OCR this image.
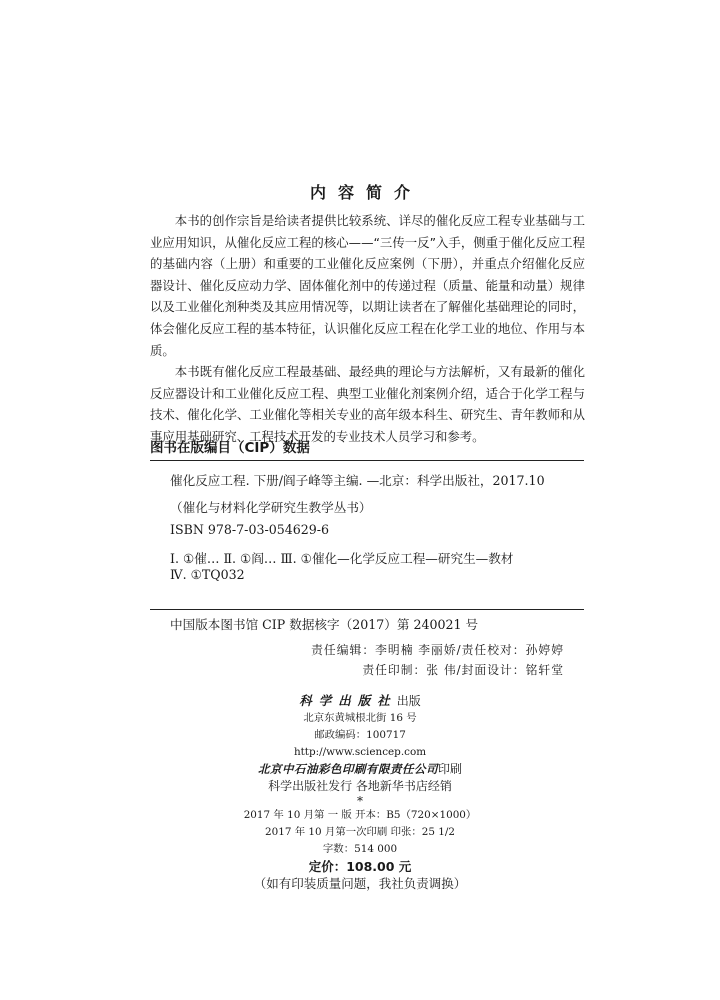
内容简介

本书的创作宗旨是给读者提供比较系统、详尽的催化反应工程专业基础与工业应用知识，从催化反应工程的核心——“三传一反”入手，侧重于催化反应工程的基础内容（上册）和重要的工业催化反应案例（下册），并重点介绍催化反应器设计、催化反应动力学、固体催化剂中的传递过程（质量、能量和动量）规律以及工业催化剂种类及其应用情况等，以期让读者在了解催化基础理论的同时，体会催化反应工程的基本特征，认识催化反应工程在化学工业的地位、作用与本质。

本书既有催化反应工程最基础、最经典的理论与方法解析，又有最新的催化反应器设计和工业催化反应工程、典型工业催化剂案例介绍，适合于化学工程与技术、催化化学、工业催化等相关专业的高年级本科生、研究生、青年教师和从事应用基础研究、工程技术开发的专业技术人员学习和参考。

图书在版编目（CIP）数据
催化反应工程. 下册/阎子峰等主编. —北京：科学出版社，2017.10
（催化与材料化学研究生教学丛书）
ISBN 978-7-03-054629-6
Ⅰ. ①催… Ⅱ. ①阎… Ⅲ. ①催化—化学反应工程—研究生—教材
Ⅳ. ①TQ032
中国版本图书馆 CIP 数据核字（2017）第 240021 号
责任编辑：李明楠 李丽娇/责任校对：孙婷婷
责任印制：张 伟/封面设计：铭轩堂
科学出版社出版
北京东黄城根北街 16 号
邮政编码：100717
http://www.sciencep.com
北京中石油彩色印刷有限责任公司印刷
科学出版社发行 各地新华书店经销
*
2017 年 10 月第 一 版 开本：B5（720×1000）
2017 年 10 月第一次印刷 印张：25 1/2
字数：514 000
定价：108.00 元
（如有印装质量问题，我社负责调换）
